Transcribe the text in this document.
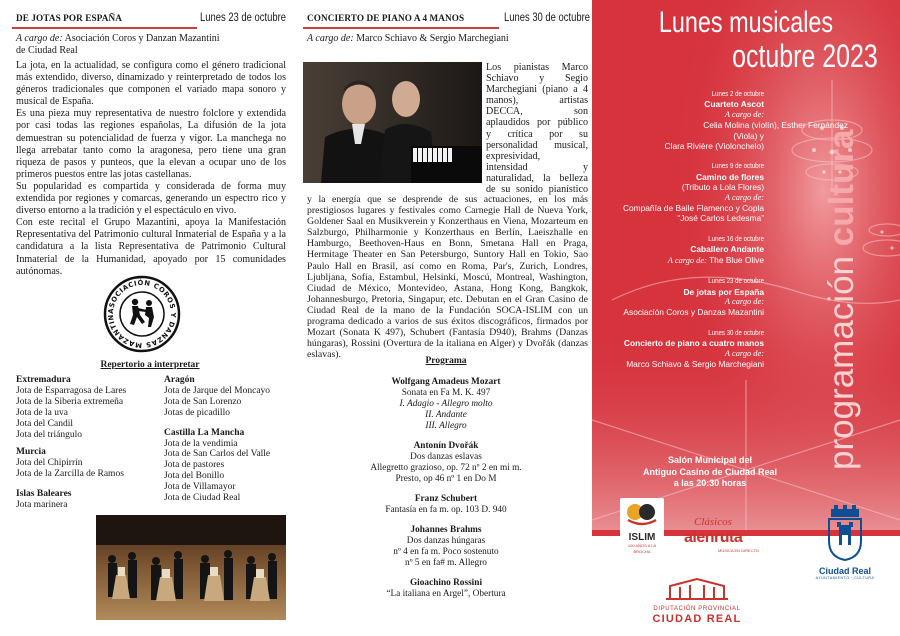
DE JOTAS POR ESPAÑA	Lunes 23 de octubre
A cargo de: Asociación Coros y Danzan Mazantini
de Ciudad Real

La jota, en la actualidad, se configura como el género tradicional más extendido, diverso, dinamizado y reinterpretado de todos los géneros tradicionales que componen el variado mapa sonoro y musical de España.

Es una pieza muy representativa de nuestro folclore y extendida por casi todas las regiones españolas, La difusión de la jota demuestran su potencialidad de fuerza y vigor. La manchega no llega arrebatar tanto como la aragonesa, pero tiene una gran riqueza de pasos y punteos, que la elevan a ocupar uno de los primeros puestos entre las jotas castellanas.

Su popularidad es compartida y considerada de forma muy extendida por regiones y comarcas, generando un espectro rico y diverso entorno a la tradición y el espectáculo en vivo.

Con este recital el Grupo Mazantini, apoya la Manifestación Representativa del Patrimonio cultural Inmaterial de España y a la candidatura a la lista Representativa de Patrimonio Cultural Inmaterial de la Humanidad, apoyado por 15 comunidades autónomas.

ASOCIACIÓN COROS Y DANZAS MAZANTIN
Repertorio a interpretar
Extremadura
Jota de Esparragosa de Lares
Jota de la Siberia extremeña
Jota de la uva
Jota del Candil
Jota del triángulo
Murcia
Jota del Chipirrín
Jota de la Zarcilla de Ramos
Islas Baleares
Jota marinera
Aragón
Jota de Jarque del Moncayo
Jota de San Lorenzo
Jotas de picadillo
Castilla La Mancha
Jota de la vendimia
Jota de San Carlos del Valle
Jota de pastores
Jota del Bonillo
Jota de Villamayor
Jota de Ciudad Real
CONCIERTO DE PIANO A 4 MANOS	Lunes 30 de octubre
A cargo de: Marco Schiavo & Sergio Marchegiani
Los pianistas Marco
Schiavo y Segio
Marchegiani (piano a 4
manos), artistas
DECCA, son
aplaudidos por público
y crítica por su
personalidad musical,
expresividad,
intensidad y
naturalidad, la belleza
de su sonido pianístico
y la energía que se desprende de sus actuaciones, en los más prestigiosos lugares y festivales como Carnegie Hall de Nueva York, Goldener Saal en Musikverein y Konzerthaus en Viena, Mozarteum en Salzburgo, Philharmonie y Konzerthaus en Berlín, Laeiszhalle en Hamburgo, Beethoven-Haus en Bonn, Smetana Hall en Praga, Hermitage Theater en San Petersburgo, Suntory Hall en Tokio, Sao Paulo Hall en Brasil, así como en Roma, Par's, Zurich, Londres, Ljubljana, Sofía, Estambul, Helsinki, Moscú, Montreal, Washington, Ciudad de México, Montevideo, Astana, Hong Kong, Bangkok, Johannesburgo, Pretoria, Singapur, etc. Debutan en el Gran Casino de Ciudad Real de la mano de la Fundación SOCA-ISLIM con un programa dedicado a varios de sus éxitos discográficos, firmados por Mozart (Sonata K 497), Schubert (Fantasía D940), Brahms (Danzas húngaras), Rossini (Overtura de la italiana en Alger) y Dvořák (danzas eslavas).
Programa
Wolfgang Amadeus Mozart
Sonata en Fa M. K. 497
I. Adagio - Allegro molto
II. Andante
III. Allegro
Antonín Dvořák
Dos danzas eslavas
Allegretto grazioso, op. 72 nº 2 en mi m.
Presto, op 46 nº 1 en Do M
Franz Schubert
Fantasía en fa m. op. 103 D. 940
Johannes Brahms
Dos danzas húngaras
nº 4 en fa m. Poco sostenuto
nº 5 en fa# m. Allegro
Gioachino Rossini
“La italiana en Argel”, Obertura
Lunes musicales
octubre 2023
programación cultura
Lunes 2 de octubre
Cuarteto Ascot
A cargo de:
Celia Molina (violín), Esther Fernández
(Viola) y
Clara Rivière (Violonchelo)
Lunes 9 de octubre
Camino de flores
(Tributo a Lola Flores)
A cargo de:
Compañía de Baile Flamenco y Copla
“José Carlos Ledesma”
Lunes 16 de octubre
Caballero Andante
A cargo de: The Blue Olive
Lunes 23 de octubre
De jotas por España
A cargo de:
Asociación Coros y Danzas Mazantini
Lunes 30 de octubre
Concierto de piano a cuatro manos
A cargo de:
Marco Schiavo & Sergio Marchegiani
Salón Municipal del
Antiguo Casino de Ciudad Real
a las 20:30 horas
ISLIM
100 AÑOS A LA BROCHA
Clásicos
alenruta
MÚSICA EN DIRECTO
Ciudad Real
AYUNTAMIENTO · CULTURA
DIPUTACIÓN PROVINCIAL
CIUDAD REAL
